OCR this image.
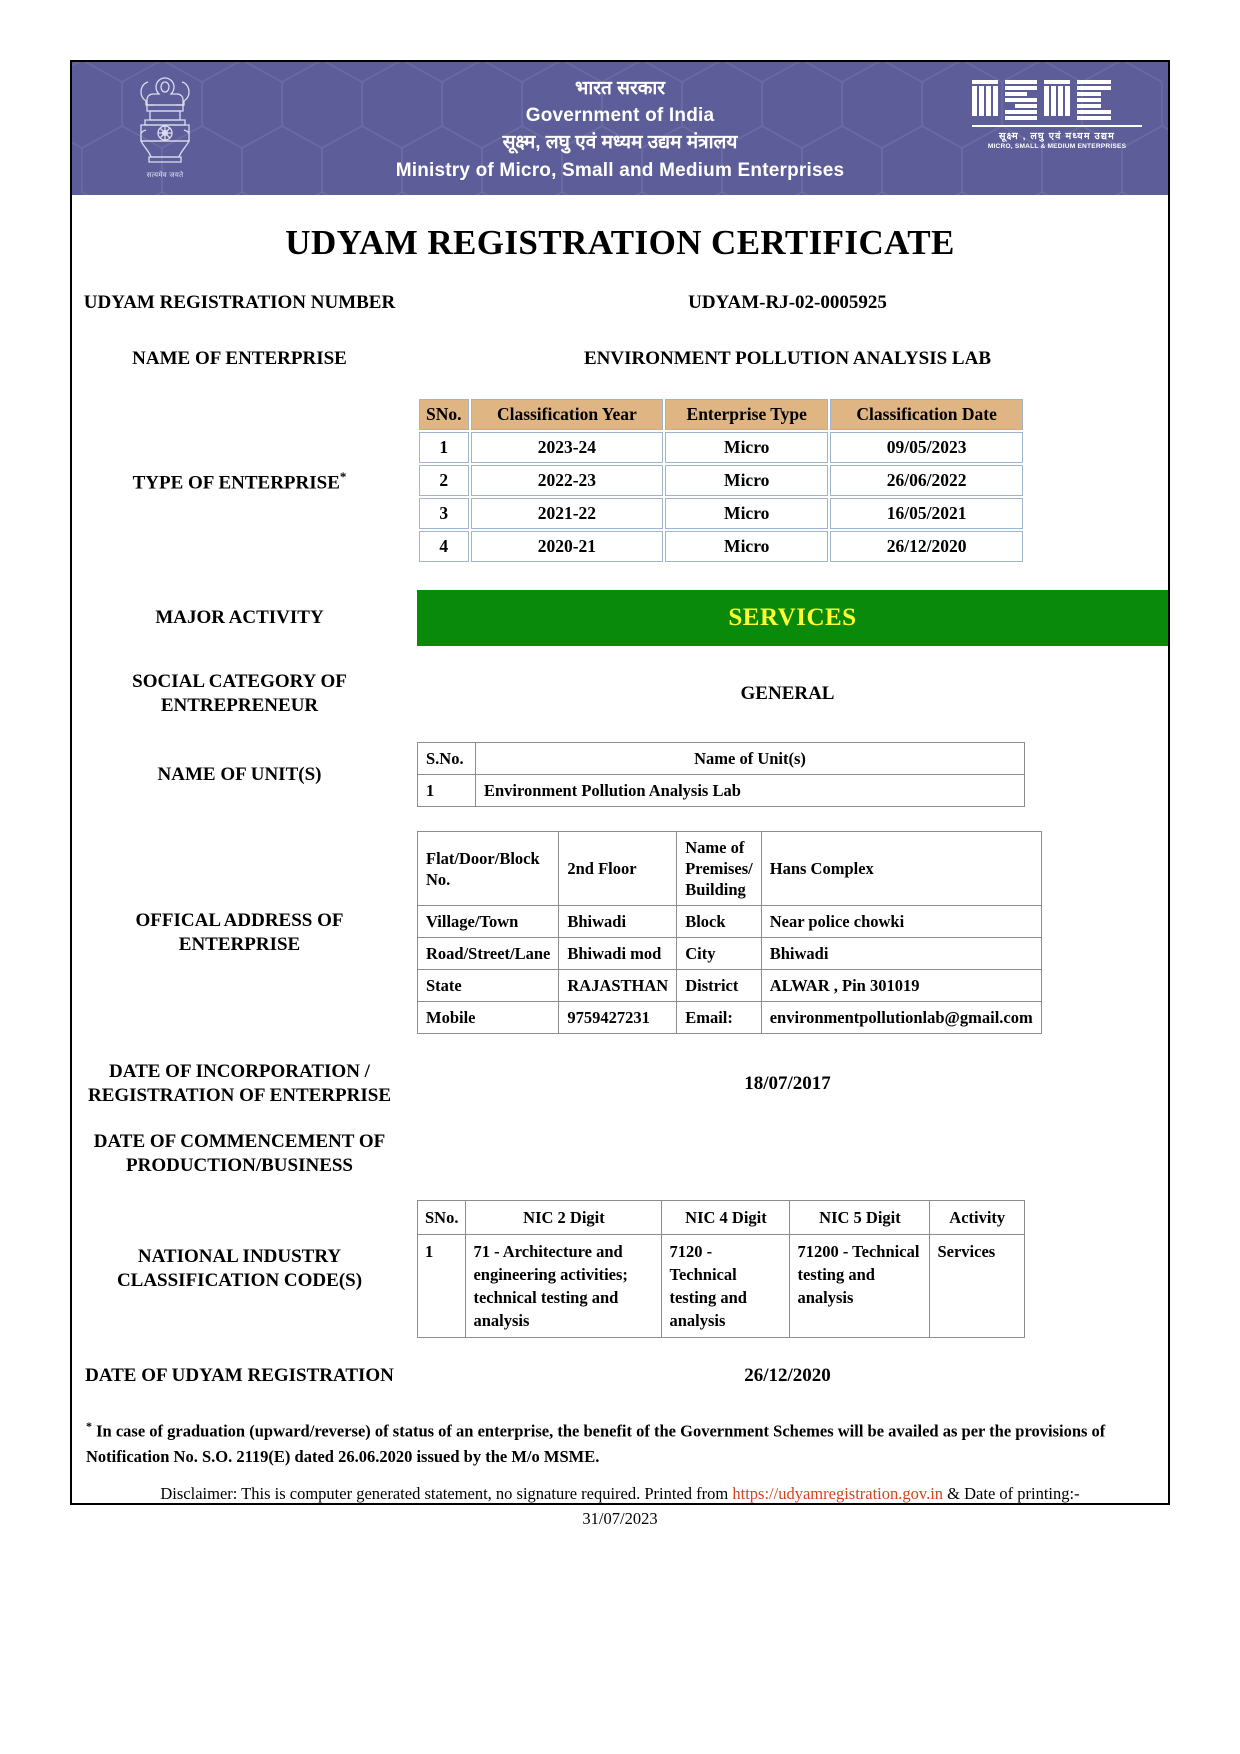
सत्यमेव जयते
भारत सरकार
Government of India
सूक्ष्म, लघु एवं मध्यम उद्यम मंत्रालय
Ministry of Micro, Small and Medium Enterprises
सूक्ष्म , लघु एवं मध्यम उद्यम
MICRO, SMALL & MEDIUM ENTERPRISES
UDYAM REGISTRATION CERTIFICATE
UDYAM REGISTRATION NUMBER	UDYAM-RJ-02-0005925
NAME OF ENTERPRISE	ENVIRONMENT POLLUTION ANALYSIS LAB
TYPE OF ENTERPRISE*
SNo.	Classification Year	Enterprise Type	Classification Date
1	2023-24	Micro	09/05/2023
2	2022-23	Micro	26/06/2022
3	2021-22	Micro	16/05/2021
4	2020-21	Micro	26/12/2020
MAJOR ACTIVITY	SERVICES
SOCIAL CATEGORY OF ENTREPRENEUR
GENERAL
NAME OF UNIT(S)
S.No.	Name of Unit(s)
1	Environment Pollution Analysis Lab
OFFICAL ADDRESS OF ENTERPRISE
Flat/Door/Block No.	2nd Floor	Name of Premises/ Building	Hans Complex
Village/Town	Bhiwadi	Block	Near police chowki
Road/Street/Lane	Bhiwadi mod	City	Bhiwadi
State	RAJASTHAN	District	ALWAR , Pin 301019
Mobile	9759427231	Email:	environmentpollutionlab@gmail.com
DATE OF INCORPORATION / REGISTRATION OF ENTERPRISE
18/07/2017
DATE OF COMMENCEMENT OF PRODUCTION/BUSINESS
NATIONAL INDUSTRY CLASSIFICATION CODE(S)
SNo.	NIC 2 Digit	NIC 4 Digit	NIC 5 Digit	Activity
1	71 - Architecture and engineering activities; technical testing and analysis	7120 - Technical testing and analysis	71200 - Technical testing and analysis	Services
DATE OF UDYAM REGISTRATION	26/12/2020
* In case of graduation (upward/reverse) of status of an enterprise, the benefit of the Government Schemes will be availed as per the provisions of Notification No. S.O. 2119(E) dated 26.06.2020 issued by the M/o MSME.
Disclaimer: This is computer generated statement, no signature required. Printed from https://udyamregistration.gov.in & Date of printing:-
31/07/2023
